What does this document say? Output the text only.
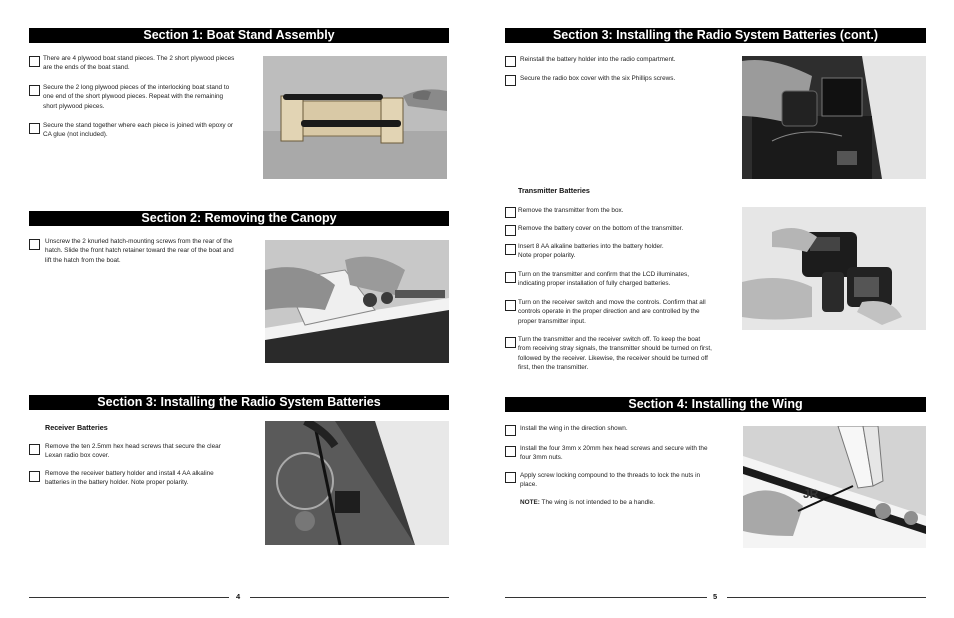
Section 1: Boat Stand Assembly
There are 4 plywood boat stand pieces. The 2 short plywood pieces are the ends of the boat stand.
Secure the 2 long plywood pieces of the interlocking boat stand to one end of the short plywood pieces. Repeat with the remaining short plywood pieces.
Secure the stand together where each piece is joined with epoxy or CA glue (not included).
Section 2: Removing the Canopy
Unscrew the 2 knurled hatch-mounting screws from the rear of the hatch. Slide the front hatch retainer toward the rear of the boat and lift the hatch from the boat.
Section 3: Installing the Radio System Batteries
Receiver Batteries
Remove the ten 2.5mm hex head screws that secure the clear Lexan radio box cover.
Remove the receiver battery holder and install 4 AA alkaline batteries in the battery holder. Note proper polarity.
4
Section 3: Installing the Radio System Batteries (cont.)
Reinstall the battery holder into the radio compartment.
Secure the radio box cover with the six Phillips screws.
Transmitter Batteries
Remove the transmitter from the box.
Remove the battery cover on the bottom of the transmitter.
Insert 8 AA alkaline batteries into the battery holder.
Note proper polarity.
Turn on the transmitter and confirm that the LCD illuminates, indicating proper installation of fully charged batteries.
Turn on the receiver switch and move the controls. Confirm that all controls operate in the proper direction and are controlled by the proper transmitter input.
Turn the transmitter and the receiver switch off. To keep the boat from receiving stray signals, the transmitter should be turned on first, followed by the receiver. Likewise, the receiver should be turned off first, then the transmitter.
Section 4: Installing the Wing
Install the wing in the direction shown.
Install the four 3mm x 20mm hex head screws and secure with the four 3mm nuts.
Apply screw locking compound to the threads to lock the nuts in place.
NOTE: The wing is not intended to be a handle.
JR
5
